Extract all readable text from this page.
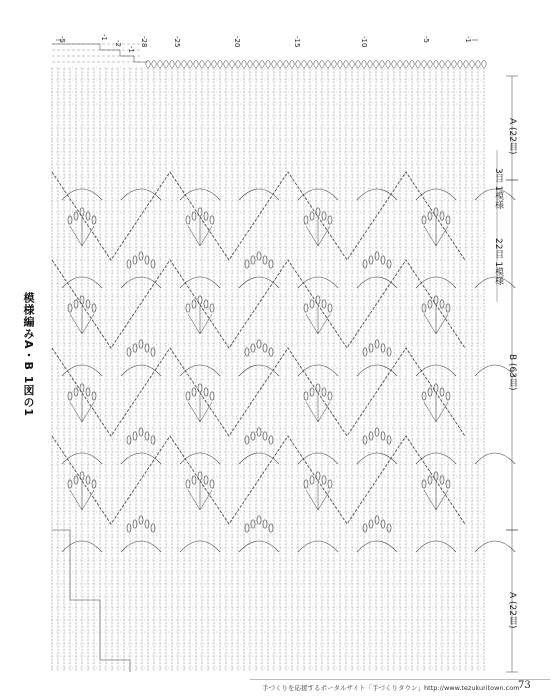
模様編みA・B 1図の1
A (22目)
B (63目)
A (22目)
3目 1模様
22目 1模様
-1
-5
-10
-15
-20
-25
-28
-5	-1
-2
-1
手づくりを応援するポータルサイト「手づくりタウン」http://www.tezukuritown.com
73
